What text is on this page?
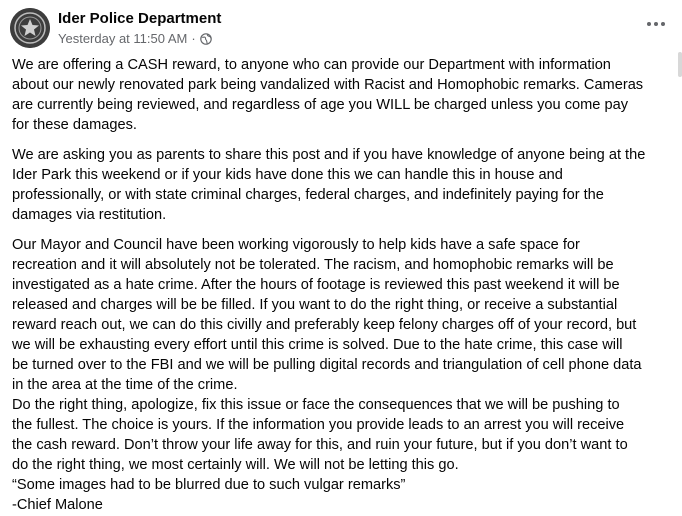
Ider Police Department
Yesterday at 11:50 AM ·

We are offering a CASH reward, to anyone who can provide our Department with information
about our newly renovated park being vandalized with Racist and Homophobic remarks. Cameras
are currently being reviewed, and regardless of age you WILL be charged unless you come pay
for these damages.

We are asking you as parents to share this post and if you have knowledge of anyone being at the
Ider Park this weekend or if your kids have done this we can handle this in house and
professionally, or with state criminal charges, federal charges, and indefinitely paying for the
damages via restitution.

Our Mayor and Council have been working vigorously to help kids have a safe space for
recreation and it will absolutely not be tolerated. The racism, and homophobic remarks will be
investigated as a hate crime. After the hours of footage is reviewed this past weekend it will be
released and charges will be be filled. If you want to do the right thing, or receive a substantial
reward reach out, we can do this civilly and preferably keep felony charges off of your record, but
we will be exhausting every effort until this crime is solved. Due to the hate crime, this case will
be turned over to the FBI and we will be pulling digital records and triangulation of cell phone data
in the area at the time of the crime.
Do the right thing, apologize, fix this issue or face the consequences that we will be pushing to
the fullest. The choice is yours. If the information you provide leads to an arrest you will receive
the cash reward. Don’t throw your life away for this, and ruin your future, but if you don’t want to
do the right thing, we most certainly will. We will not be letting this go.
“Some images had to be blurred due to such vulgar remarks”
-Chief Malone
